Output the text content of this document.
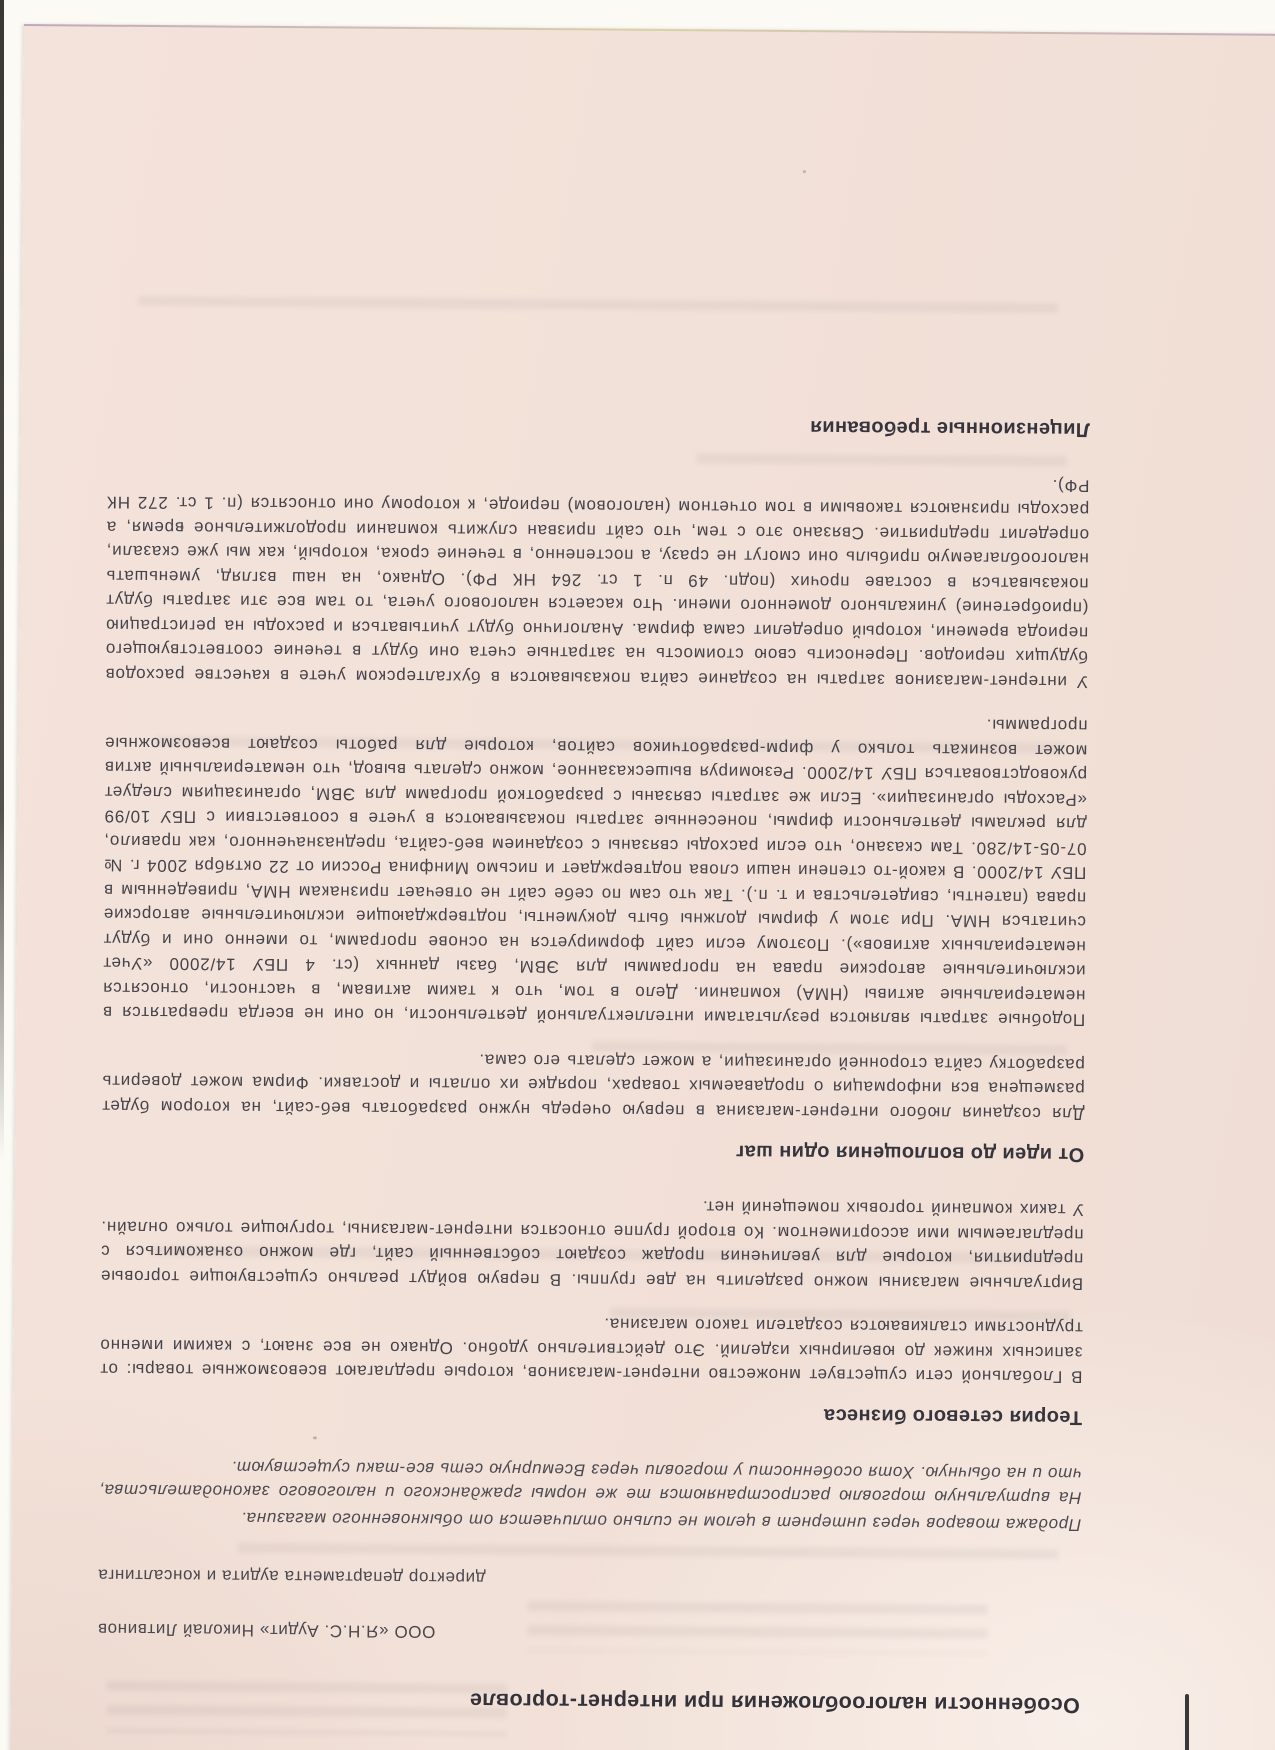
Особенности налогообложения при интернет-торговле
ООО «Я.Н.С. Аудит» Николай Литвинов
директор департамента аудита и консалтинга

Продажа товаров через интернет в целом не сильно отличается от обыкновенного магазина.

На виртуальную торговлю распространяются те же нормы гражданского и налогового законодательства, что и на обычную. Хотя особенности у торговли через Всемирную сеть все-таки существуют.

Теория сетевого бизнеса

В Глобальной сети существует множество интернет-магазинов, которые предлагают всевозможные товары: от записных книжек до ювелирных изделий. Это действительно удобно. Однако не все знают, с какими именно трудностями сталкиваются создатели такого магазина.

Виртуальные магазины можно разделить на две группы. В первую войдут реально существующие торговые предприятия, которые для увеличения продаж создают собственный сайт, где можно ознакомиться с предлагаемым ими ассортиментом. Ко второй группе относятся интернет-магазины, торгующие только онлайн. У таких компаний торговых помещений нет.

От идеи до воплощения один шаг

Для создания любого интернет-магазина в первую очередь нужно разработать веб-сайт, на котором будет размещена вся информация о продаваемых товарах, порядке их оплаты и доставки. Фирма может доверить разработку сайта сторонней организации, а может сделать его сама.

Подобные затраты являются результатами интеллектуальной деятельности, но они не всегда превратятся в нематериальные активы (НМА) компании. Дело в том, что к таким активам, в частности, относятся исключительные авторские права на программы для ЭВМ, базы данных (ст. 4 ПБУ 14/2000 «Учет нематериальных активов»). Поэтому если сайт формируется на основе программ, то именно они и будут считаться НМА. При этом у фирмы должны быть документы, подтверждающие исключительные авторские права (патенты, свидетельства и т. п.). Так что сам по себе сайт не отвечает признакам НМА, приведенным в ПБУ 14/2000. В какой-то степени наши слова подтверждает и письмо Минфина России от 22 октября 2004 г. № 07-05-14/280. Там сказано, что если расходы связаны с созданием веб-сайта, предназначенного, как правило, для рекламы деятельности фирмы, понесенные затраты показываются в учете в соответствии с ПБУ 10/99 «Расходы организации». Если же затраты связаны с разработкой программ для ЭВМ, организациям следует руководствоваться ПБУ 14/2000. Резюмируя вышесказанное, можно сделать вывод, что нематериальный актив может возникать только у фирм-разработчиков сайтов, которые для работы создают всевозможные программы.

У интернет-магазинов затраты на создание сайта показываются в бухгалтерском учете в качестве расходов будущих периодов. Переносить свою стоимость на затратные счета они будут в течение соответствующего периода времени, который определит сама фирма. Аналогично будут учитываться и расходы на регистрацию (приобретение) уникального доменного имени. Что касается налогового учета, то там все эти затраты будут показываться в составе прочих (подп. 49 п. 1 ст. 264 НК РФ). Однако, на наш взгляд, уменьшать налогооблагаемую прибыль они смогут не сразу, а постепенно, в течение срока, который, как мы уже сказали, определит предприятие. Связано это с тем, что сайт призван служить компании продолжительное время, а расходы признаются таковыми в том отчетном (налоговом) периоде, к которому они относятся (п. 1 ст. 272 НК РФ).

Лицензионные требования
